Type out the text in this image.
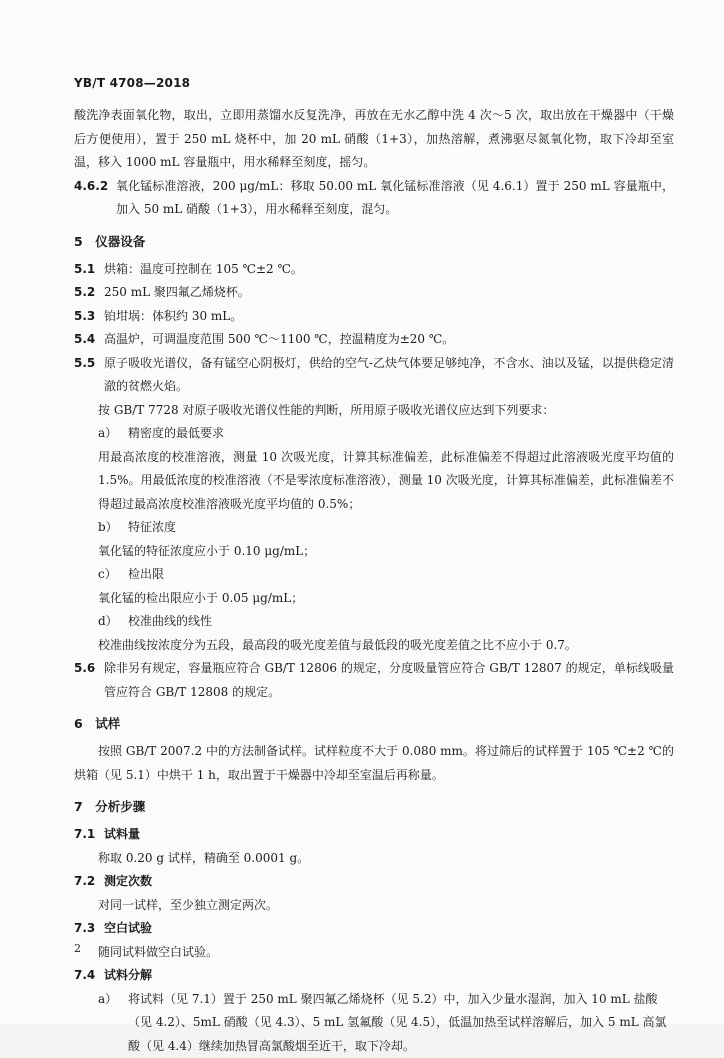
YB/T 4708—2018

酸洗净表面氧化物，取出，立即用蒸馏水反复洗净，再放在无水乙醇中洗 4 次～5 次，取出放在干燥器中（干燥后方便使用），置于 250 mL 烧杯中，加 20 mL 硝酸（1+3），加热溶解，煮沸驱尽氮氧化物，取下冷却至室温，移入 1000 mL 容量瓶中，用水稀释至刻度，摇匀。

4.6.2 氧化锰标准溶液，200 μg/mL：移取 50.00 mL 氧化锰标准溶液（见 4.6.1）置于 250 mL 容量瓶中，加入 50 mL 硝酸（1+3），用水稀释至刻度，混匀。
5　仪器设备
5.1 烘箱：温度可控制在 105 ℃±2 ℃。
5.2 250 mL 聚四氟乙烯烧杯。
5.3 铂坩埚：体积约 30 mL。
5.4 高温炉，可调温度范围 500 ℃～1100 ℃，控温精度为±20 ℃。
5.5 原子吸收光谱仪，备有锰空心阴极灯，供给的空气-乙炔气体要足够纯净，不含水、油以及锰，以提供稳定清澈的贫燃火焰。

按 GB/T 7728 对原子吸收光谱仪性能的判断，所用原子吸收光谱仪应达到下列要求：

a） 精密度的最低要求

用最高浓度的校准溶液，测量 10 次吸光度，计算其标准偏差，此标准偏差不得超过此溶液吸光度平均值的 1.5%。用最低浓度的校准溶液（不是零浓度标准溶液），测量 10 次吸光度，计算其标准偏差，此标准偏差不得超过最高浓度校准溶液吸光度平均值的 0.5%；

b） 特征浓度

氧化锰的特征浓度应小于 0.10 μg/mL；

c） 检出限

氧化锰的检出限应小于 0.05 μg/mL；

d） 校准曲线的线性

校准曲线按浓度分为五段，最高段的吸光度差值与最低段的吸光度差值之比不应小于 0.7。

5.6 除非另有规定，容量瓶应符合 GB/T 12806 的规定，分度吸量管应符合 GB/T 12807 的规定，单标线吸量管应符合 GB/T 12808 的规定。
6　试样

按照 GB/T 2007.2 中的方法制备试样。试样粒度不大于 0.080 mm。将过筛后的试样置于 105 ℃±2 ℃的烘箱（见 5.1）中烘干 1 h，取出置于干燥器中冷却至室温后再称量。

7　分析步骤
7.1 试料量

称取 0.20 g 试样，精确至 0.0001 g。

7.2 测定次数

对同一试样，至少独立测定两次。

7.3 空白试验

随同试料做空白试验。

7.4 试料分解
a） 将试料（见 7.1）置于 250 mL 聚四氟乙烯烧杯（见 5.2）中，加入少量水湿润，加入 10 mL 盐酸（见 4.2）、5mL 硝酸（见 4.3）、5 mL 氢氟酸（见 4.5），低温加热至试样溶解后，加入 5 mL 高氯酸（见 4.4）继续加热冒高氯酸烟至近干，取下冷却。
2
